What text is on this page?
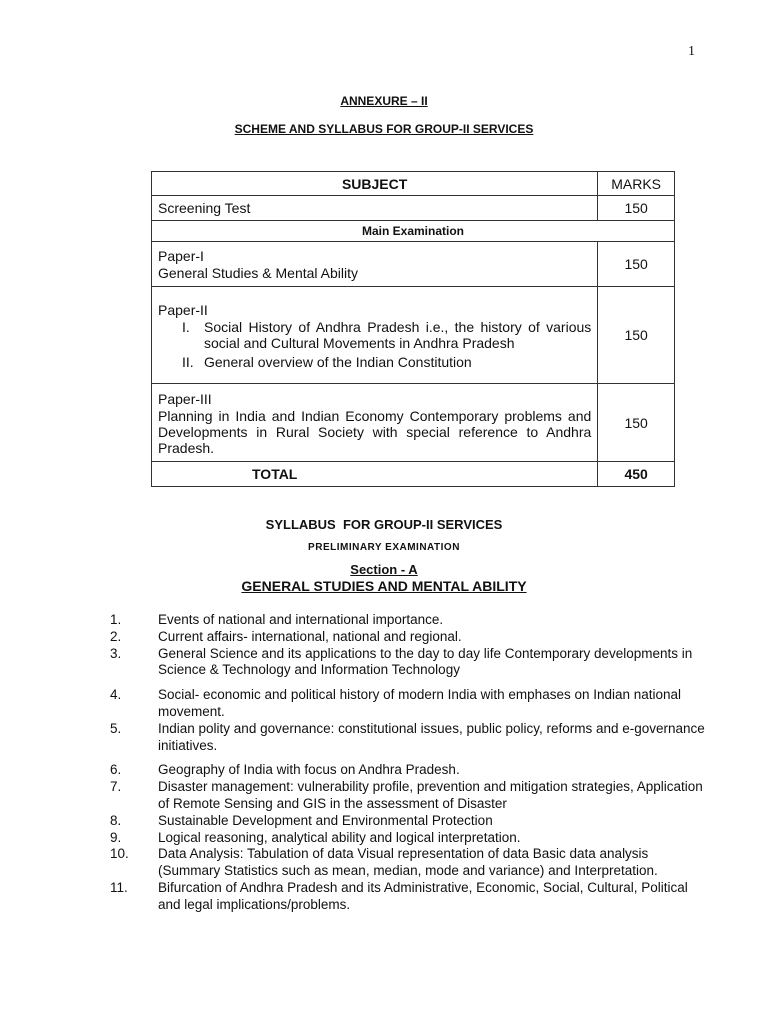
1
ANNEXURE – II
SCHEME AND SYLLABUS FOR GROUP-II SERVICES
SUBJECT	MARKS
Screening Test	150
Main Examination	

Paper-I
General Studies & Mental Ability	150

Paper-II
I. Social History of Andhra Pradesh i.e., the history of various social and Cultural Movements in Andhra Pradesh
II. General overview of the Indian Constitution	150

Paper-III
Planning in India and Indian Economy Contemporary problems and Developments in Rural Society with special reference to Andhra Pradesh.	150
TOTAL	450
SYLLABUS  FOR GROUP-II SERVICES
PRELIMINARY EXAMINATION
Section - A
GENERAL STUDIES AND MENTAL ABILITY
1.	Events of national and international importance.
2.	Current affairs- international, national and regional.
3.	General Science and its applications to the day to day life Contemporary developments in Science & Technology and Information Technology
4.	Social- economic and political history of modern India with emphases on Indian national movement.
5.	Indian polity and governance: constitutional issues, public policy, reforms and e-governance initiatives.
6.	Geography of India with focus on Andhra Pradesh.
7.	Disaster management: vulnerability profile, prevention and mitigation strategies, Application of Remote Sensing and GIS in the assessment of Disaster
8.	Sustainable Development and Environmental Protection
9.	Logical reasoning, analytical ability and logical interpretation.
10.	Data Analysis: Tabulation of data Visual representation of data Basic data analysis (Summary Statistics such as mean, median, mode and variance) and Interpretation.
11.	Bifurcation of Andhra Pradesh and its Administrative, Economic, Social, Cultural, Political and legal implications/problems.
